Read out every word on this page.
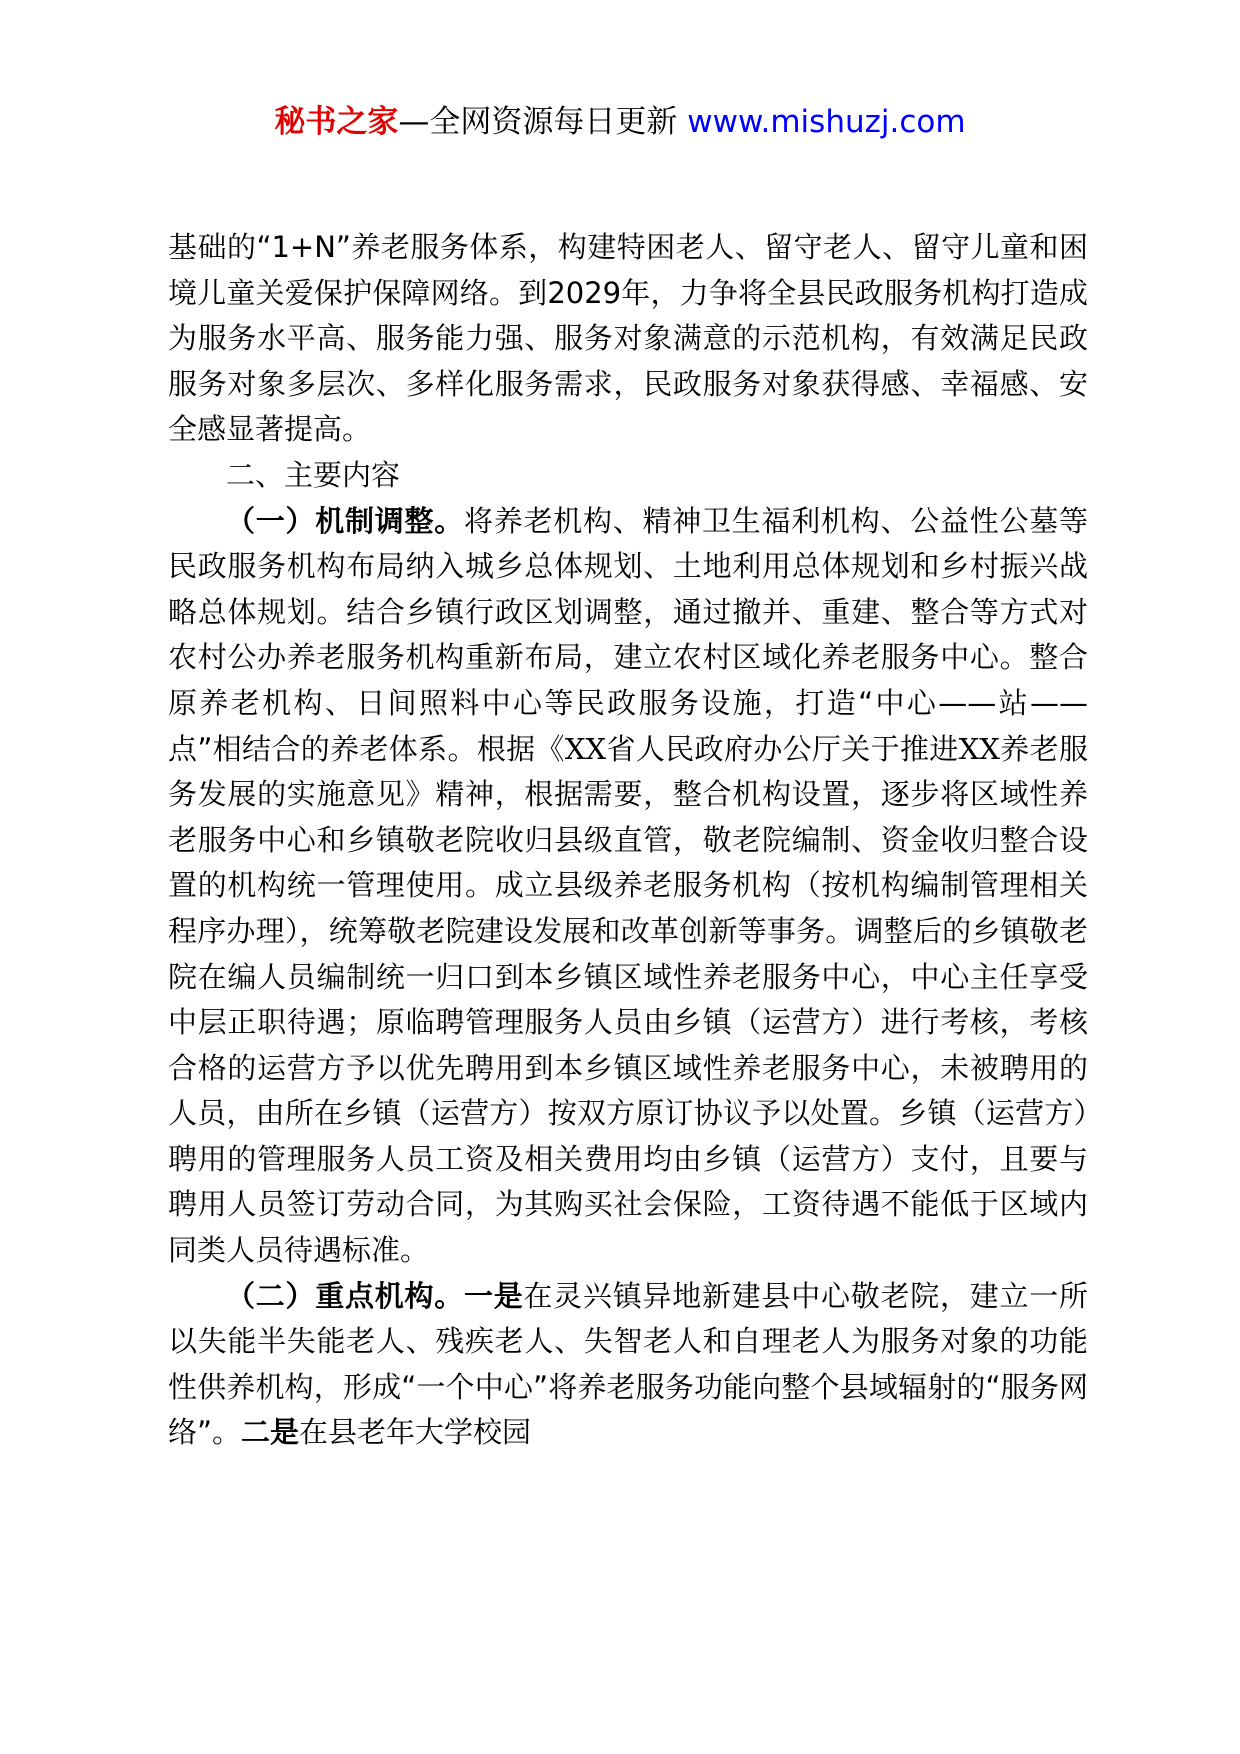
秘书之家—全网资源每日更新 www.mishuzj.com

基础的“1+N”养老服务体系，构建特困老人、留守老人、留守儿童和困境儿童关爱保护保障网络。到2029年，力争将全县民政服务机构打造成为服务水平高、服务能力强、服务对象满意的示范机构，有效满足民政服务对象多层次、多样化服务需求，民政服务对象获得感、幸福感、安全感显著提高。

二、主要内容

（一）机制调整。将养老机构、精神卫生福利机构、公益性公墓等民政服务机构布局纳入城乡总体规划、土地利用总体规划和乡村振兴战略总体规划。结合乡镇行政区划调整，通过撤并、重建、整合等方式对农村公办养老服务机构重新布局，建立农村区域化养老服务中心。整合原养老机构、日间照料中心等民政服务设施，打造“中心——站——点”相结合的养老体系。根据《XX省人民政府办公厅关于推进XX养老服务发展的实施意见》精神，根据需要，整合机构设置，逐步将区域性养老服务中心和乡镇敬老院收归县级直管，敬老院编制、资金收归整合设置的机构统一管理使用。成立县级养老服务机构（按机构编制管理相关程序办理），统筹敬老院建设发展和改革创新等事务。调整后的乡镇敬老院在编人员编制统一归口到本乡镇区域性养老服务中心，中心主任享受中层正职待遇；原临聘管理服务人员由乡镇（运营方）进行考核，考核合格的运营方予以优先聘用到本乡镇区域性养老服务中心，未被聘用的人员，由所在乡镇（运营方）按双方原订协议予以处置。乡镇（运营方）聘用的管理服务人员工资及相关费用均由乡镇（运营方）支付，且要与聘用人员签订劳动合同，为其购买社会保险，工资待遇不能低于区域内同类人员待遇标准。

（二）重点机构。一是在灵兴镇异地新建县中心敬老院，建立一所以失能半失能老人、残疾老人、失智老人和自理老人为服务对象的功能性供养机构，形成“一个中心”将养老服务功能向整个县域辐射的“服务网络”。二是在县老年大学校园
